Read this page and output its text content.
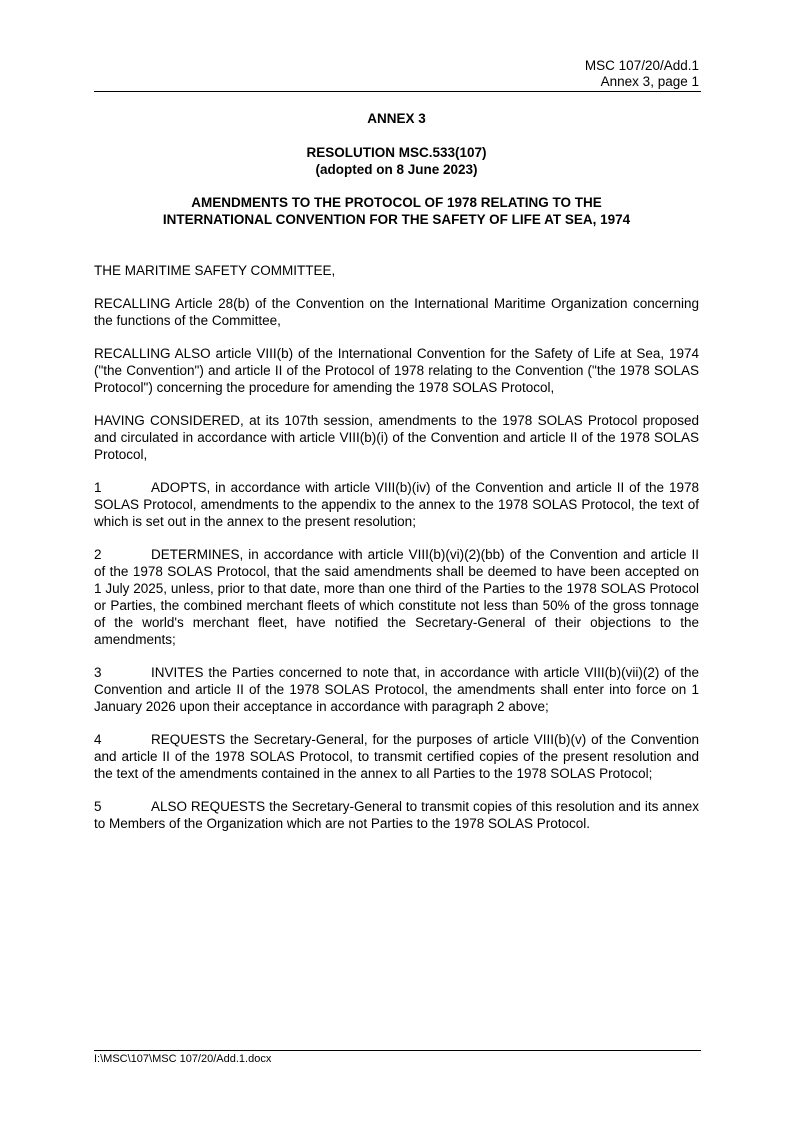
MSC 107/20/Add.1
Annex 3, page 1
ANNEX 3
RESOLUTION MSC.533(107)
(adopted on 8 June 2023)
AMENDMENTS TO THE PROTOCOL OF 1978 RELATING TO THE
INTERNATIONAL CONVENTION FOR THE SAFETY OF LIFE AT SEA, 1974

THE MARITIME SAFETY COMMITTEE,

RECALLING Article 28(b) of the Convention on the International Maritime Organization concerning the functions of the Committee,

RECALLING ALSO article VIII(b) of the International Convention for the Safety of Life at Sea, 1974 ("the Convention") and article II of the Protocol of 1978 relating to the Convention ("the 1978 SOLAS Protocol") concerning the procedure for amending the 1978 SOLAS Protocol,

HAVING CONSIDERED, at its 107th session, amendments to the 1978 SOLAS Protocol proposed and circulated in accordance with article VIII(b)(i) of the Convention and article II of the 1978 SOLAS Protocol,

1	ADOPTS, in accordance with article VIII(b)(iv) of the Convention and article II of the 1978 SOLAS Protocol, amendments to the appendix to the annex to the 1978 SOLAS Protocol, the text of which is set out in the annex to the present resolution;

2	DETERMINES, in accordance with article VIII(b)(vi)(2)(bb) of the Convention and article II of the 1978 SOLAS Protocol, that the said amendments shall be deemed to have been accepted on 1 July 2025, unless, prior to that date, more than one third of the Parties to the 1978 SOLAS Protocol or Parties, the combined merchant fleets of which constitute not less than 50% of the gross tonnage of the world's merchant fleet, have notified the Secretary-General of their objections to the amendments;

3	INVITES the Parties concerned to note that, in accordance with article VIII(b)(vii)(2) of the Convention and article II of the 1978 SOLAS Protocol, the amendments shall enter into force on 1 January 2026 upon their acceptance in accordance with paragraph 2 above;

4	REQUESTS the Secretary-General, for the purposes of article VIII(b)(v) of the Convention and article II of the 1978 SOLAS Protocol, to transmit certified copies of the present resolution and the text of the amendments contained in the annex to all Parties to the 1978 SOLAS Protocol;

5	ALSO REQUESTS the Secretary-General to transmit copies of this resolution and its annex to Members of the Organization which are not Parties to the 1978 SOLAS Protocol.

I:\MSC\107\MSC 107/20/Add.1.docx
